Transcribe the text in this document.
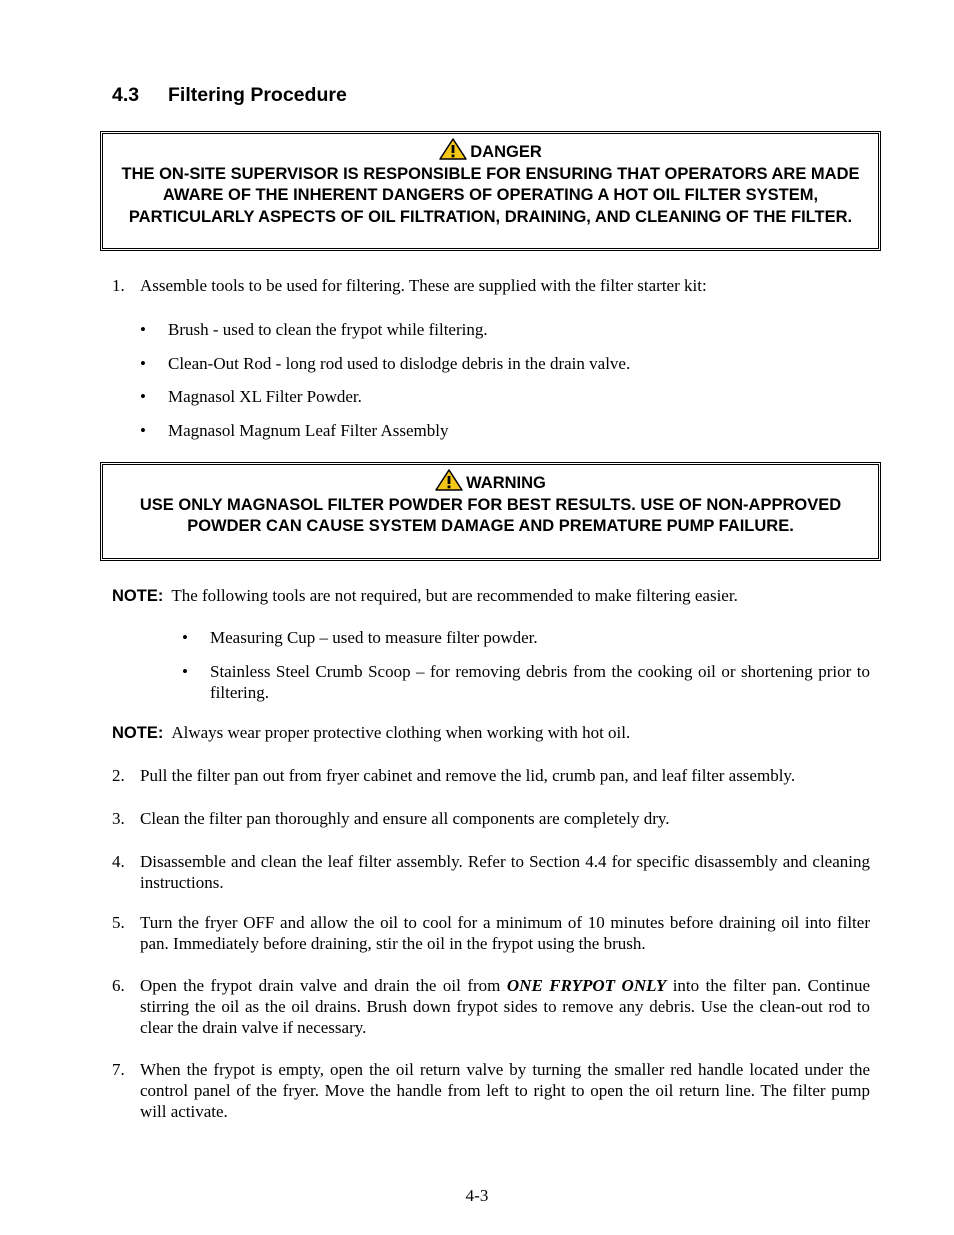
4.3 Filtering Procedure
DANGER
THE ON-SITE SUPERVISOR IS RESPONSIBLE FOR ENSURING THAT OPERATORS ARE MADE AWARE OF THE INHERENT DANGERS OF OPERATING A HOT OIL FILTER SYSTEM, PARTICULARLY ASPECTS OF OIL FILTRATION, DRAINING, AND CLEANING OF THE FILTER.
1. Assemble tools to be used for filtering. These are supplied with the filter starter kit:
• Brush - used to clean the frypot while filtering.
• Clean-Out Rod - long rod used to dislodge debris in the drain valve.
• Magnasol XL Filter Powder.
• Magnasol Magnum Leaf Filter Assembly
WARNING
USE ONLY MAGNASOL FILTER POWDER FOR BEST RESULTS. USE OF NON-APPROVED POWDER CAN CAUSE SYSTEM DAMAGE AND PREMATURE PUMP FAILURE.
NOTE: The following tools are not required, but are recommended to make filtering easier.
• Measuring Cup – used to measure filter powder.
• Stainless Steel Crumb Scoop – for removing debris from the cooking oil or shortening prior to filtering.
NOTE: Always wear proper protective clothing when working with hot oil.
2. Pull the filter pan out from fryer cabinet and remove the lid, crumb pan, and leaf filter assembly.
3. Clean the filter pan thoroughly and ensure all components are completely dry.
4. Disassemble and clean the leaf filter assembly. Refer to Section 4.4 for specific disassembly and cleaning instructions.
5. Turn the fryer OFF and allow the oil to cool for a minimum of 10 minutes before draining oil into filter pan. Immediately before draining, stir the oil in the frypot using the brush.
6. Open the frypot drain valve and drain the oil from ONE FRYPOT ONLY into the filter pan. Continue stirring the oil as the oil drains. Brush down frypot sides to remove any debris. Use the clean-out rod to clear the drain valve if necessary.
7. When the frypot is empty, open the oil return valve by turning the smaller red handle located under the control panel of the fryer. Move the handle from left to right to open the oil return line. The filter pump will activate.
4-3
